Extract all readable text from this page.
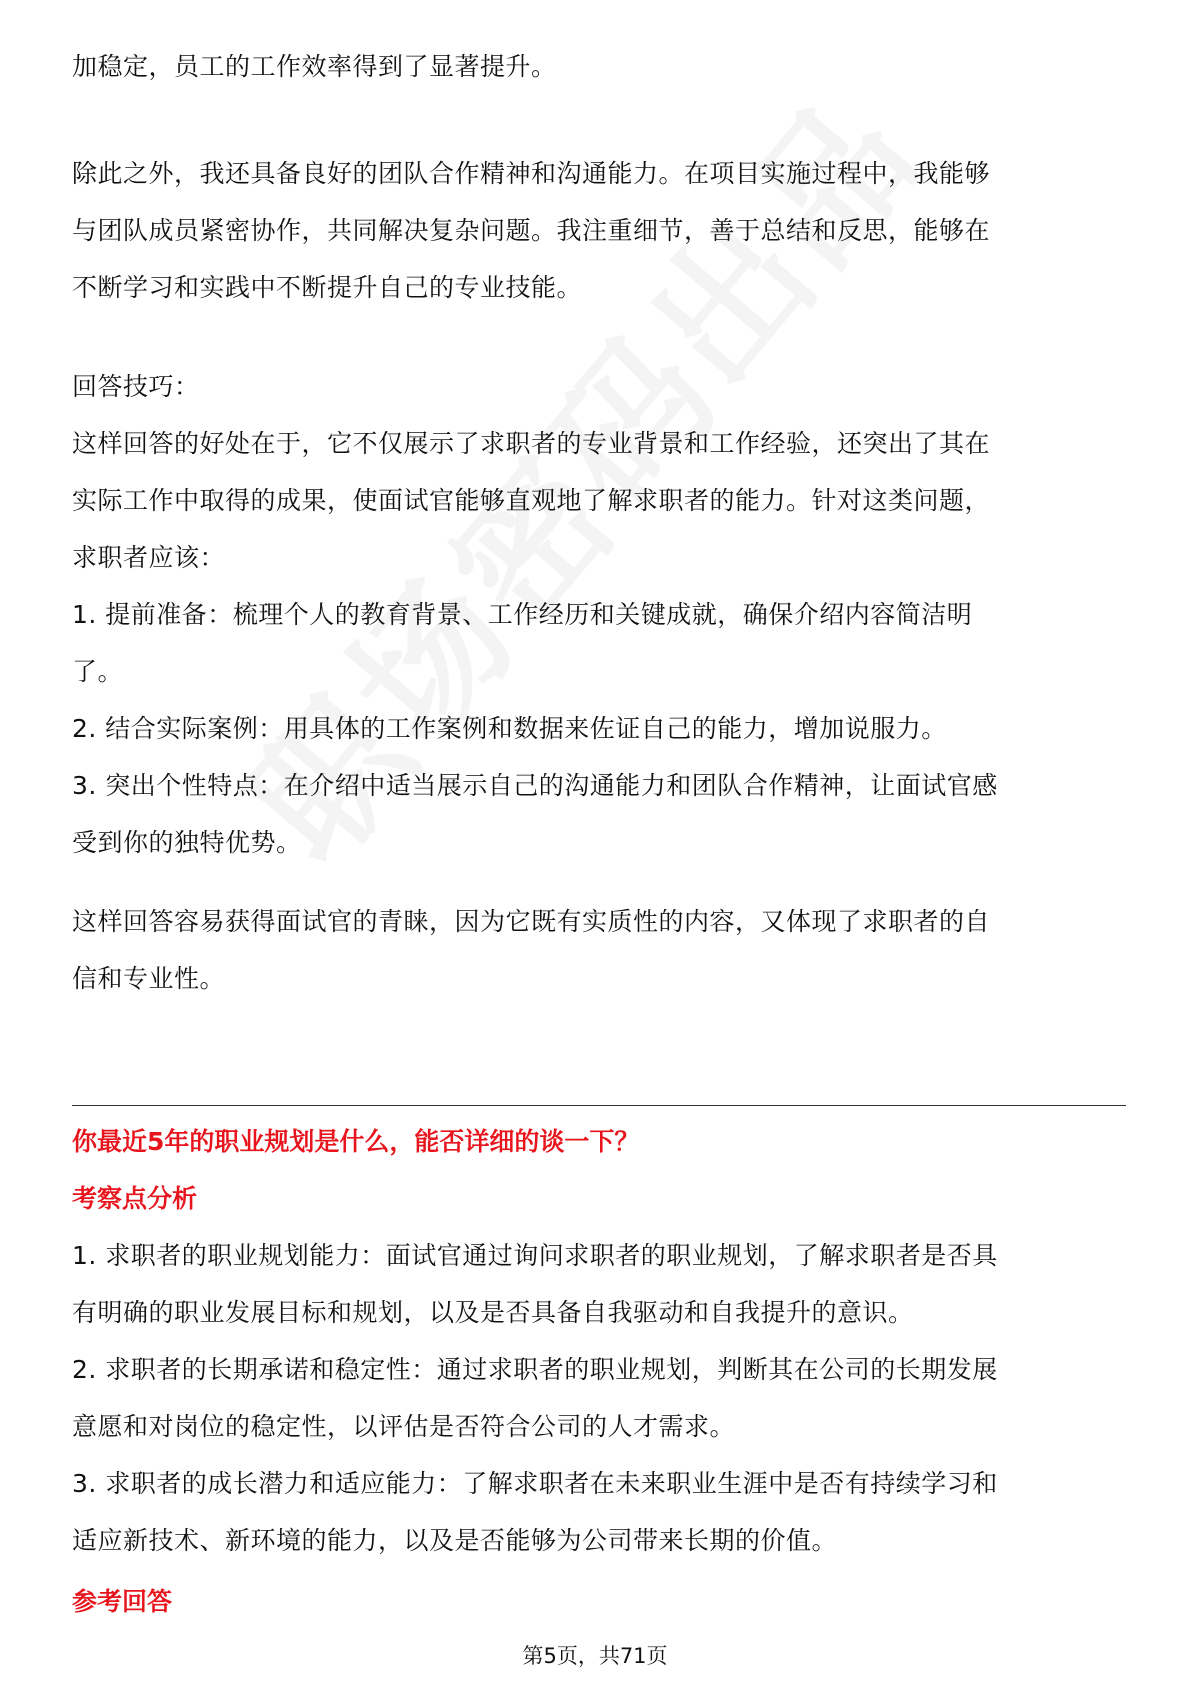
加稳定，员工的工作效率得到了显著提升。

除此之外，我还具备良好的团队合作精神和沟通能力。在项目实施过程中，我能够

与团队成员紧密协作，共同解决复杂问题。我注重细节，善于总结和反思，能够在

不断学习和实践中不断提升自己的专业技能。

回答技巧：

这样回答的好处在于，它不仅展示了求职者的专业背景和工作经验，还突出了其在

实际工作中取得的成果，使面试官能够直观地了解求职者的能力。针对这类问题，

求职者应该：

1. 提前准备：梳理个人的教育背景、工作经历和关键成就，确保介绍内容简洁明

了。

2. 结合实际案例：用具体的工作案例和数据来佐证自己的能力，增加说服力。

3. 突出个性特点：在介绍中适当展示自己的沟通能力和团队合作精神，让面试官感

受到你的独特优势。

这样回答容易获得面试官的青睐，因为它既有实质性的内容，又体现了求职者的自

信和专业性。

你最近5年的职业规划是什么，能否详细的谈一下？
考察点分析

1. 求职者的职业规划能力：面试官通过询问求职者的职业规划，了解求职者是否具

有明确的职业发展目标和规划，以及是否具备自我驱动和自我提升的意识。

2. 求职者的长期承诺和稳定性：通过求职者的职业规划，判断其在公司的长期发展

意愿和对岗位的稳定性，以评估是否符合公司的人才需求。

3. 求职者的成长潜力和适应能力：了解求职者在未来职业生涯中是否有持续学习和

适应新技术、新环境的能力，以及是否能够为公司带来长期的价值。

参考回答
第5页，共71页
